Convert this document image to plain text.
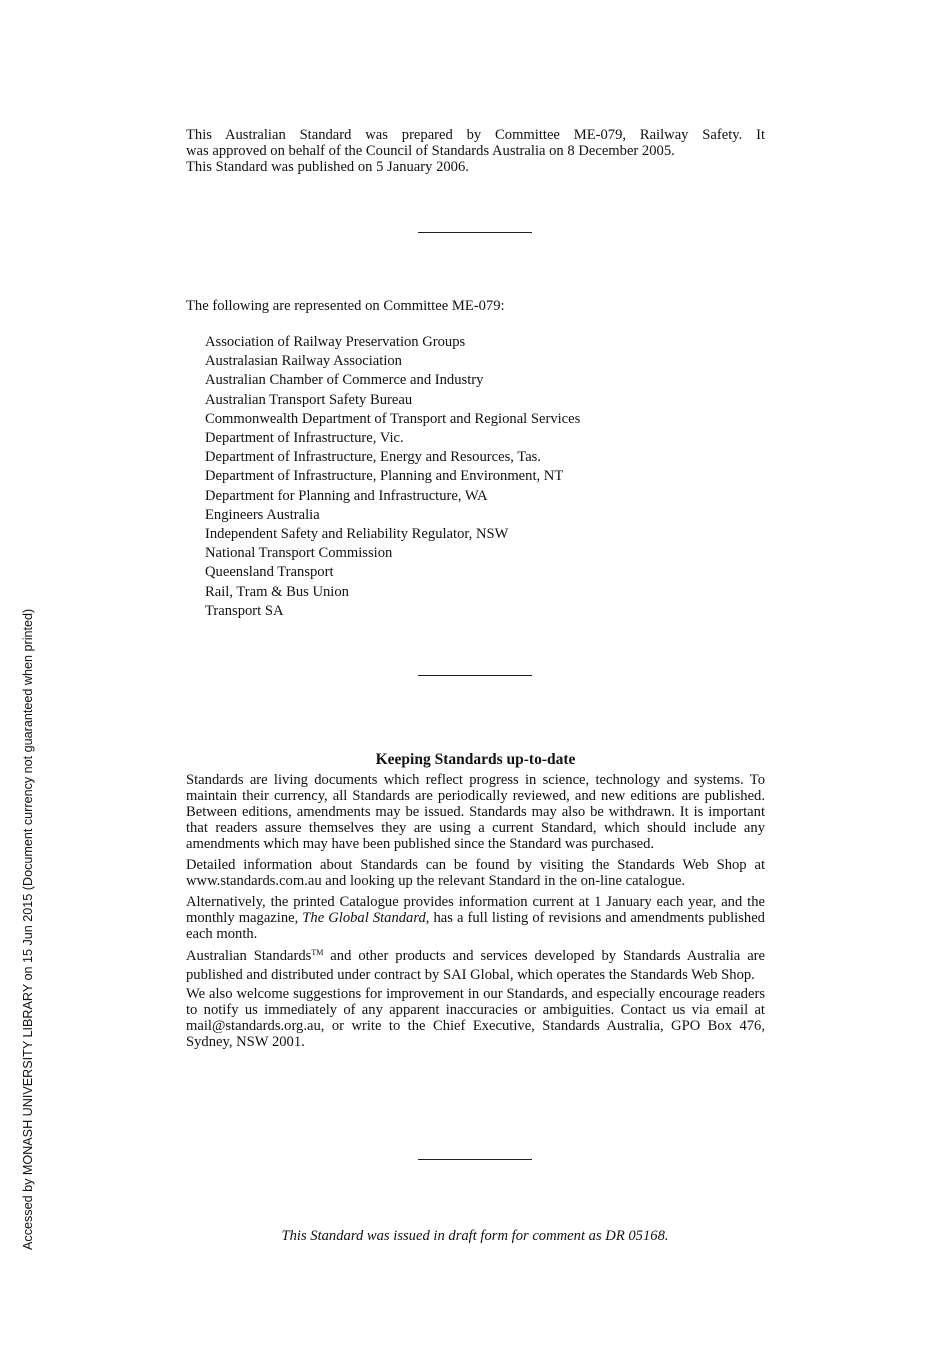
This Australian Standard was prepared by Committee ME-079, Railway Safety. It
was approved on behalf of the Council of Standards Australia on 8 December 2005.
This Standard was published on 5 January 2006.
The following are represented on Committee ME-079:
Association of Railway Preservation Groups
Australasian Railway Association
Australian Chamber of Commerce and Industry
Australian Transport Safety Bureau
Commonwealth Department of Transport and Regional Services
Department of Infrastructure, Vic.
Department of Infrastructure, Energy and Resources, Tas.
Department of Infrastructure, Planning and Environment, NT
Department for Planning and Infrastructure, WA
Engineers Australia
Independent Safety and Reliability Regulator, NSW
National Transport Commission
Queensland Transport
Rail, Tram & Bus Union
Transport SA
Keeping Standards up-to-date

Standards are living documents which reflect progress in science, technology and systems. To maintain their currency, all Standards are periodically reviewed, and new editions are published. Between editions, amendments may be issued. Standards may also be withdrawn. It is important that readers assure themselves they are using a current Standard, which should include any amendments which may have been published since the Standard was purchased.

Detailed information about Standards can be found by visiting the Standards Web Shop at www.standards.com.au and looking up the relevant Standard in the on-line catalogue.

Alternatively, the printed Catalogue provides information current at 1 January each year, and the monthly magazine, The Global Standard, has a full listing of revisions and amendments published each month.

Australian Standards™ and other products and services developed by Standards Australia are published and distributed under contract by SAI Global, which operates the Standards Web Shop.

We also welcome suggestions for improvement in our Standards, and especially encourage readers to notify us immediately of any apparent inaccuracies or ambiguities. Contact us via email at mail@standards.org.au, or write to the Chief Executive, Standards Australia, GPO Box 476, Sydney, NSW 2001.

This Standard was issued in draft form for comment as DR 05168.
Accessed by MONASH UNIVERSITY LIBRARY on 15 Jun 2015 (Document currency not guaranteed when printed)
